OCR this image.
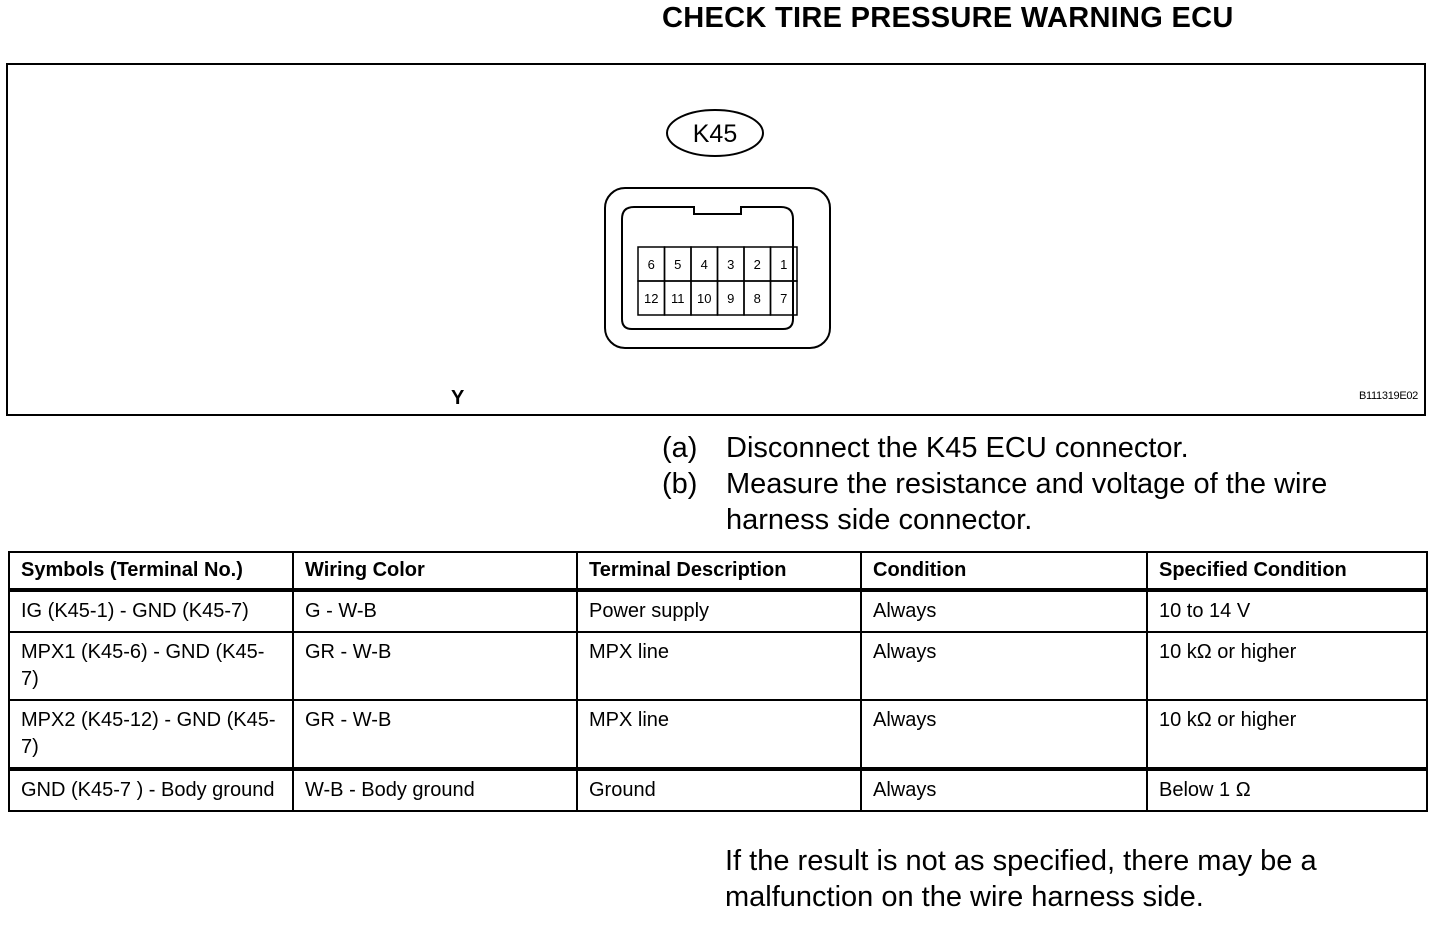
CHECK TIRE PRESSURE WARNING ECU
K45
6 5 4 3 2 1
12 11 10 9 8 7
Y	B111319E02
(a) Disconnect the K45 ECU connector.
(b) Measure the resistance and voltage of the wire harness side connector.
Symbols (Terminal No.)	Wiring Color	Terminal Description	Condition	Specified Condition
IG (K45-1) - GND (K45-7)	G - W-B	Power supply	Always	10 to 14 V
MPX1 (K45-6) - GND (K45-7)	GR - W-B	MPX line	Always	10 kΩ or higher
MPX2 (K45-12) - GND (K45-7)	GR - W-B	MPX line	Always	10 kΩ or higher
GND (K45-7 ) - Body ground	W-B - Body ground	Ground	Always	Below 1 Ω
If the result is not as specified, there may be a malfunction on the wire harness side.
